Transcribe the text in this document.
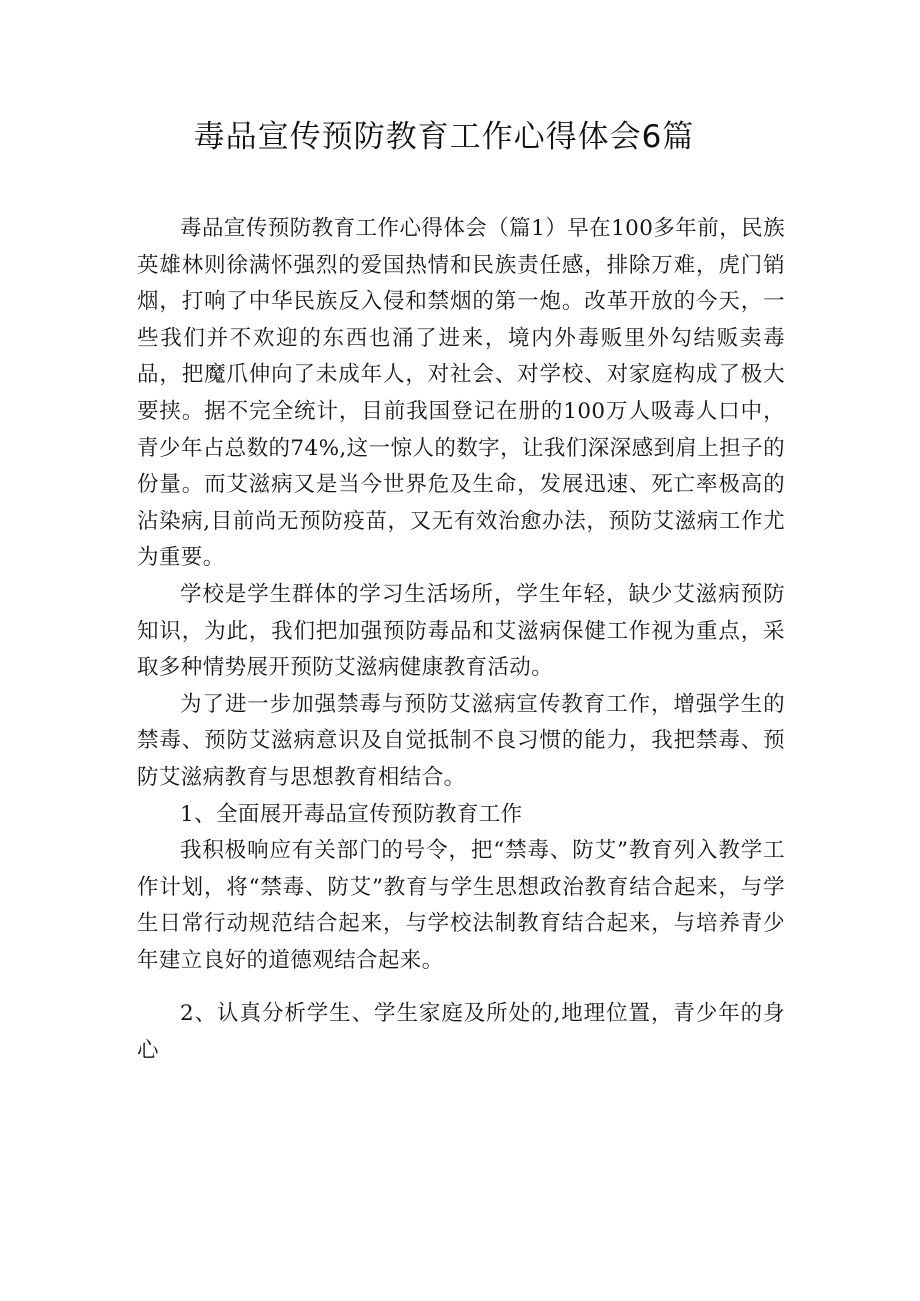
毒品宣传预防教育工作心得体会6篇

毒品宣传预防教育工作心得体会（篇1）早在100多年前，民族英雄林则徐满怀强烈的爱国热情和民族责任感，排除万难，虎门销烟，打响了中华民族反入侵和禁烟的第一炮。改革开放的今天，一些我们并不欢迎的东西也涌了进来，境内外毒贩里外勾结贩卖毒品，把魔爪伸向了未成年人，对社会、对学校、对家庭构成了极大要挟。据不完全统计，目前我国登记在册的100万人吸毒人口中，青少年占总数的74%,这一惊人的数字，让我们深深感到肩上担子的份量。而艾滋病又是当今世界危及生命，发展迅速、死亡率极高的沾染病,目前尚无预防疫苗，又无有效治愈办法，预防艾滋病工作尤为重要。

学校是学生群体的学习生活场所，学生年轻，缺少艾滋病预防知识，为此，我们把加强预防毒品和艾滋病保健工作视为重点，采取多种情势展开预防艾滋病健康教育活动。

为了进一步加强禁毒与预防艾滋病宣传教育工作，增强学生的禁毒、预防艾滋病意识及自觉抵制不良习惯的能力，我把禁毒、预防艾滋病教育与思想教育相结合。

1、全面展开毒品宣传预防教育工作

我积极响应有关部门的号令，把“禁毒、防艾”教育列入教学工作计划，将“禁毒、防艾”教育与学生思想政治教育结合起来，与学生日常行动规范结合起来，与学校法制教育结合起来，与培养青少年建立良好的道德观结合起来。

2、认真分析学生、学生家庭及所处的,地理位置，青少年的身心
